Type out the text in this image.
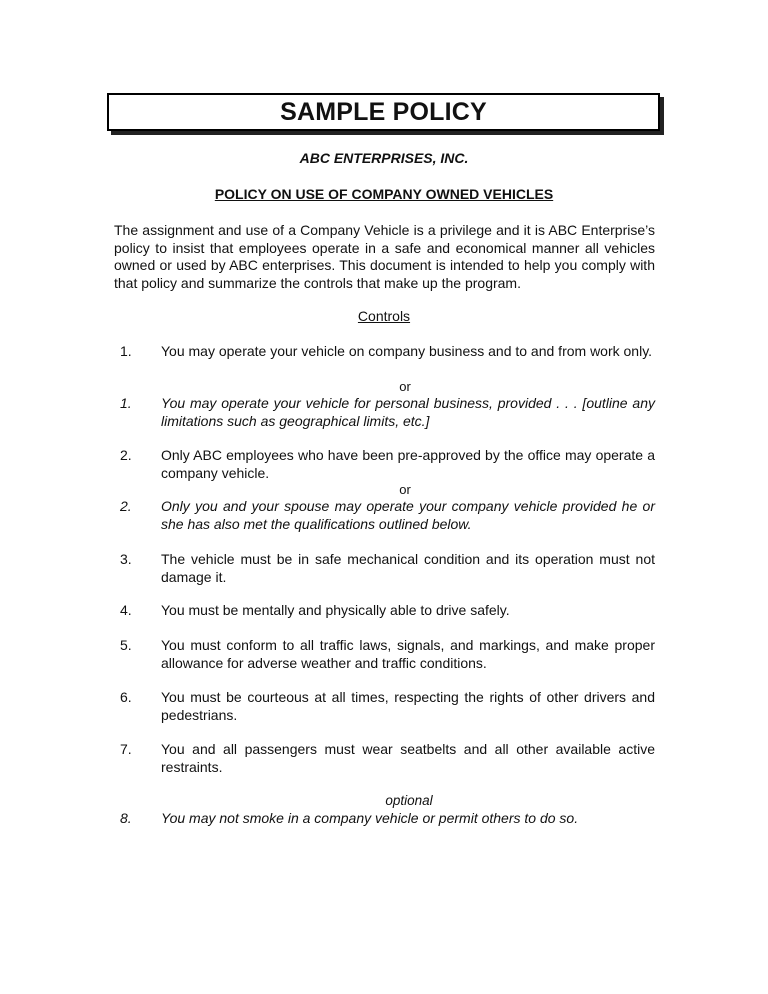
SAMPLE POLICY
ABC ENTERPRISES, INC.
POLICY ON USE OF COMPANY OWNED VEHICLES
The assignment and use of a Company Vehicle is a privilege and it is ABC Enterprise’s policy to insist that employees operate in a safe and economical manner all vehicles owned or used by ABC enterprises. This document is intended to help you comply with that policy and summarize the controls that make up the program.
Controls
1.	You may operate your vehicle on company business and to and from work only.
or
1.	You may operate your vehicle for personal business, provided . . . [outline any limitations such as geographical limits, etc.]
2.	Only ABC employees who have been pre-approved by the office may operate a company vehicle.
or
2.	Only you and your spouse may operate your company vehicle provided he or she has also met the qualifications outlined below.
3.	The vehicle must be in safe mechanical condition and its operation must not damage it.
4.	You must be mentally and physically able to drive safely.
5.	You must conform to all traffic laws, signals, and markings, and make proper allowance for adverse weather and traffic conditions.
6.	You must be courteous at all times, respecting the rights of other drivers and pedestrians.
7.	You and all passengers must wear seatbelts and all other available active restraints.
optional
8.	You may not smoke in a company vehicle or permit others to do so.
